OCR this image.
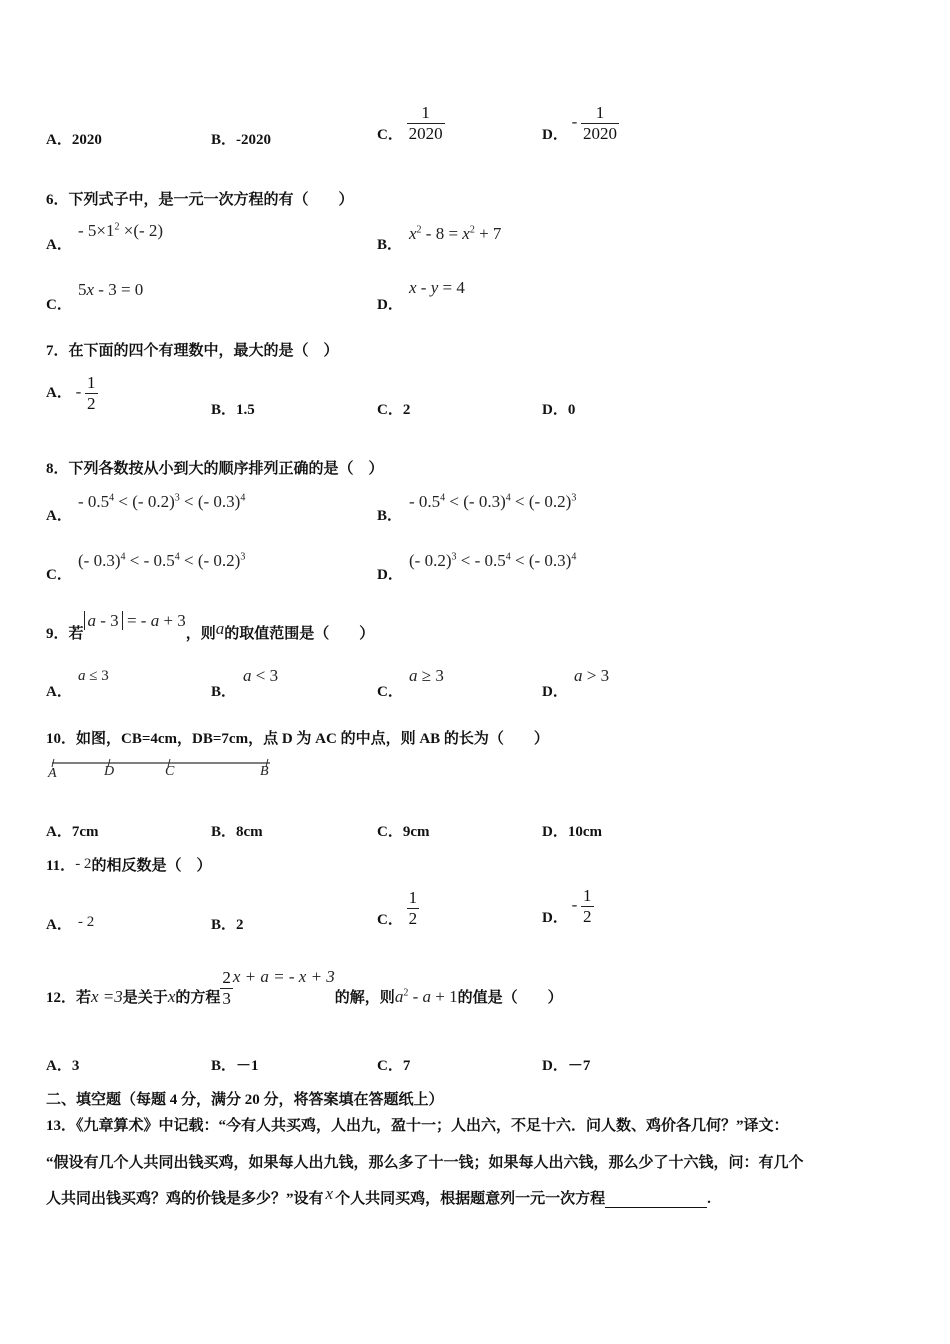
A．2020	B．-2020	C． $\frac{1}{2020}$	D． - $\frac{1}{2020}$
6．下列式子中，是一元一次方程的有（　　）
A．
- $5\times 1^2$ ×(- 2)
B．
$x^2 - 8 = x^2 + 7$
C．
5x - 3 = 0
D．
x - y = 4
7．在下面的四个有理数中，最大的是（　）
A． - $\frac{1}{2}$	B．1.5	C．2	D．0
8．下列各数按从小到大的顺序排列正确的是（　）
A．
- $0.5^4$ < (- 0.2)$^3$ < (- 0.3)$^4$
B．
- $0.5^4$ < (- 0.3)$^4$ < (- 0.2)$^3$
C．
(- 0.3)$^4$ < - $0.5^4$ < (- 0.2)$^3$
D．
(- 0.2)$^3$ < - $0.5^4$ < (- 0.3)$^4$
9．若a - 3 = - a + 3，则a的取值范围是（　　）
A．
a ≤ 3
B．
a < 3
C．
a ≥ 3
D．
a > 3
10．如图，CB=4cm，DB=7cm，点 D 为 AC 的中点，则 AB 的长为（　　）
A	D	C	B
A．7cm	B．8cm	C．9cm	D．10cm
11．- 2的相反数是（　）
A． - 2	B．2	C． $\frac{1}{2}$	D． - $\frac{1}{2}$
12．若x =3是关于x的方程 $\frac{2}{3}$ x + a = - x + 3的解，则$a^2 - a + 1$的值是（　　）
A．3	B．－1	C．7	D．－7
二、填空题（每题 4 分，满分 20 分，将答案填在答题纸上）
13．《九章算术》中记载：“今有人共买鸡，人出九，盈十一；人出六，不足十六．问人数、鸡价各几何？”译文：
“假设有几个人共同出钱买鸡，如果每人出九钱，那么多了十一钱；如果每人出六钱，那么少了十六钱，问：有几个
人共同出钱买鸡？鸡的价钱是多少？”设有 x 个人共同买鸡，根据题意列一元一次方程	.
